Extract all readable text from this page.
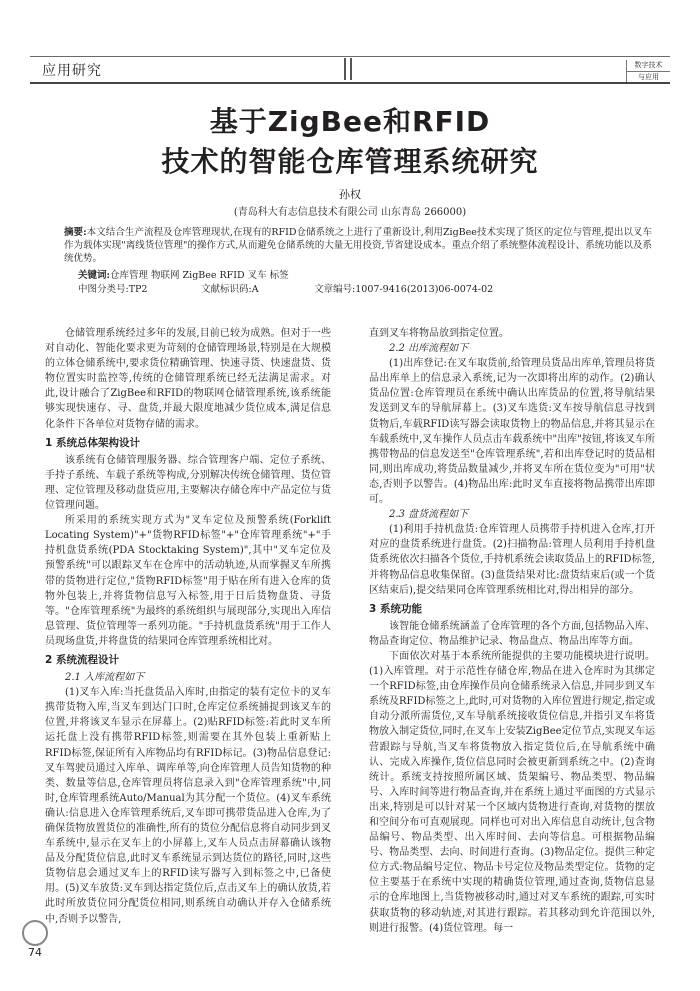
应用研究	数字技术
与应用
基于ZigBee和RFID
技术的智能仓库管理系统研究
孙权
(青岛科大有志信息技术有限公司 山东青岛 266000)
摘要:本文结合生产流程及仓库管理现状,在现有的RFID仓储系统之上进行了重新设计,利用ZigBee技术实现了货区的定位与管理,提出以叉车作为载体实现"离线货位管理"的操作方式,从而避免仓储系统的大量无用投资,节省建设成本。重点介绍了系统整体流程设计、系统功能以及系统优势。
关键词:仓库管理 物联网 ZigBee RFID 叉车 标签
中图分类号:TP2	文献标识码:A	文章编号:1007-9416(2013)06-0074-02

仓储管理系统经过多年的发展,目前已较为成熟。但对于一些对自动化、智能化要求更为苛刻的仓储管理场景,特别是在大规模的立体仓储系统中,要求货位精确管理、快速寻货、快速盘货、货物位置实时监控等,传统的仓储管理系统已经无法满足需求。对此,设计融合了ZigBee和RFID的物联网仓储管理系统,该系统能够实现快速存、寻、盘货,并最大限度地减少货位成本,满足信息化条件下各单位对货物存储的需求。

1 系统总体架构设计

该系统有仓储管理服务器、综合管理客户端、定位子系统、手持子系统、车载子系统等构成,分别解决传统仓储管理、货位管理、定位管理及移动盘货应用,主要解决存储仓库中产品定位与货位管理问题。

所采用的系统实现方式为"叉车定位及预警系统(Forklift Locating System)"+"货物RFID标签"+"仓库管理系统"+"手持机盘货系统(PDA Stocktaking System)",其中"叉车定位及预警系统"可以跟踪叉车在仓库中的活动轨迹,从而掌握叉车所携带的货物进行定位,"货物RFID标签"用于贴在所有进入仓库的货物外包装上,并将货物信息写入标签,用于日后货物盘货、寻货等。"仓库管理系统"为最终的系统组织与展现部分,实现出入库信息管理、货位管理等一系列功能。"手持机盘货系统"用于工作人员现场盘货,并将盘货的结果同仓库管理系统相比对。

2 系统流程设计
2.1 入库流程如下

(1)叉车入库:当托盘货品入库时,由指定的装有定位卡的叉车携带货物入库,当叉车到达门口时,仓库定位系统捕捉到该叉车的位置,并将该叉车显示在屏幕上。(2)贴RFID标签:若此时叉车所运托盘上没有携带RFID标签,则需要在其外包装上重新贴上RFID标签,保证所有入库物品均有RFID标记。(3)物品信息登记:叉车驾驶员通过入库单、调库单等,向仓库管理人员告知货物的种类、数量等信息,仓库管理员将信息录入到"仓库管理系统"中,同时,仓库管理系统Auto/Manual为其分配一个货位。(4)叉车系统确认:信息进入仓库管理系统后,叉车即可携带货品进入仓库,为了确保货物放置货位的准确性,所有的货位分配信息将自动同步到叉车系统中,显示在叉车上的小屏幕上,叉车人员点击屏幕确认该物品及分配货位信息,此时叉车系统显示到达货位的路径,同时,这些货物信息会通过叉车上的RFID读写器写入到标签之中,已备使用。(5)叉车放货:叉车到达指定货位后,点击叉车上的确认放货,若此时所放货位同分配货位相同,则系统自动确认并存入仓储系统中,否则予以警告,

直到叉车将物品放到指定位置。

2.2 出库流程如下

(1)出库登记:在叉车取货前,给管理员货品出库单,管理员将货品出库单上的信息录入系统,记为一次即将出库的动作。(2)确认货品位置:仓库管理员在系统中确认出库货品的位置,将导航结果发送到叉车的导航屏幕上。(3)叉车选货:叉车按导航信息寻找到货物后,车载RFID读写器会读取货物上的物品信息,并将其显示在车载系统中,叉车操作人员点击车载系统中"出库"按钮,将该叉车所携带物品的信息发送至"仓库管理系统",若和出库登记时的货品相同,则出库成功,将货品数量减少,并将叉车所在货位变为"可用"状态,否则予以警告。(4)物品出库:此时叉车直接将物品携带出库即可。

2.3 盘货流程如下

(1)利用手持机盘货:仓库管理人员携带手持机进入仓库,打开对应的盘货系统进行盘货。(2)扫描物品:管理人员利用手持机盘货系统依次扫描各个货位,手持机系统会读取货品上的RFID标签,并将物品信息收集保留。(3)盘货结果对比:盘货结束后(或一个货区结束后),提交结果同仓库管理系统相比对,得出相异的部分。

3 系统功能

该智能仓储系统涵盖了仓库管理的各个方面,包括物品入库、物品查询定位、物品维护记录、物品盘点、物品出库等方面。

下面依次对基于本系统所能提供的主要功能模块进行说明。(1)入库管理。对于示范性存储仓库,物品在进入仓库时为其绑定一个RFID标签,由仓库操作员向仓储系统录入信息,并同步到叉车系统及RFID标签之上,此时,可对货物的入库位置进行规定,指定或自动分派所需货位,叉车导航系统接收货位信息,并指引叉车将货物放入制定货位,同时,在叉车上安装ZigBee定位节点,实现叉车运营跟踪与导航,当叉车将货物放入指定货位后,在导航系统中确认、完成入库操作,货位信息同时会被更新到系统之中。(2)查询统计。系统支持按照所属区域、货架编号、物品类型、物品编号、入库时间等进行物品查询,并在系统上通过平面图的方式显示出来,特别是可以针对某一个区域内货物进行查询,对货物的摆放和空间分布可直观展现。同样也可对出入库信息自动统计,包含物品编号、物品类型、出入库时间、去向等信息。可根据物品编号、物品类型、去向、时间进行查询。(3)物品定位。提供三种定位方式:物品编号定位、物品卡号定位及物品类型定位。货物的定位主要基于在系统中实现的精确货位管理,通过查询,货物信息显示的仓库地图上,当货物被移动时,通过对叉车系统的跟踪,可实时获取货物的移动轨迹,对其进行跟踪。若其移动到允许范围以外,则进行报警。(4)货位管理。每一

74
